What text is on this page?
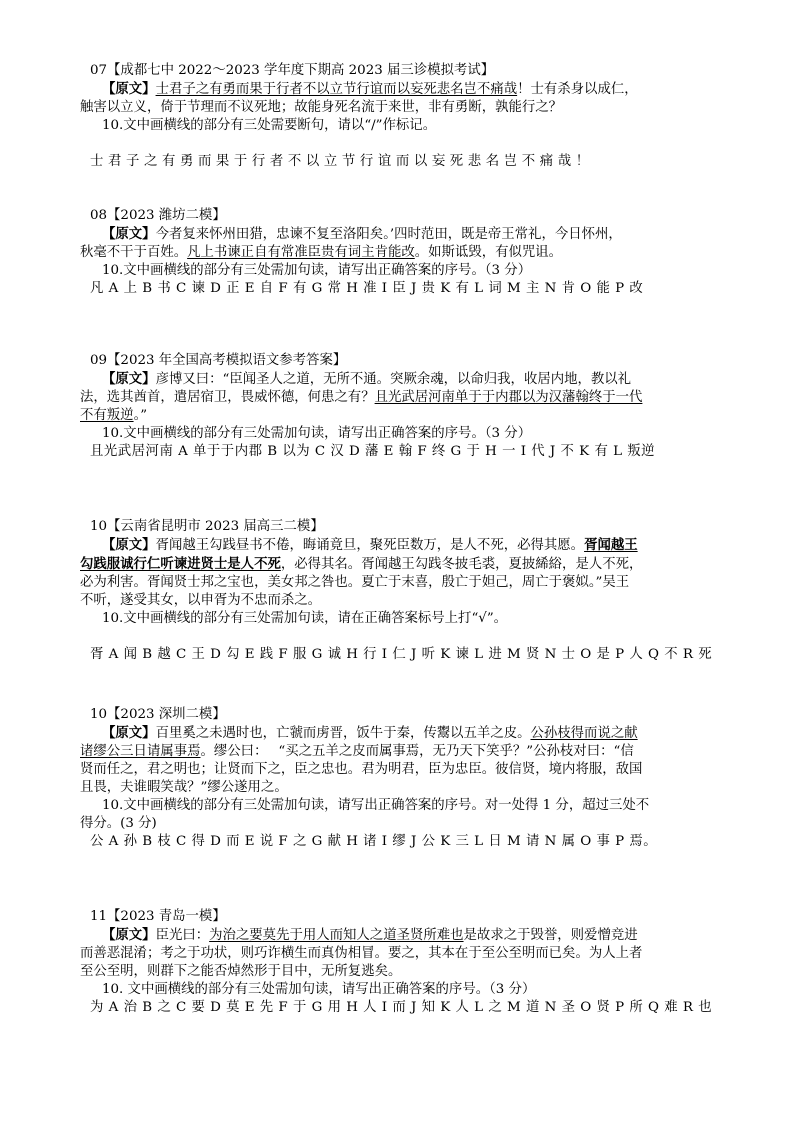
07【成都七中 2022～2023 学年度下期高 2023 届三诊模拟考试】

【原文】士君子之有勇而果于行者不以立节行谊而以妄死悲名岂不痛哉！士有杀身以成仁，

触害以立义，倚于节理而不议死地；故能身死名流于来世，非有勇断，孰能行之？

10.文中画横线的部分有三处需要断句，请以“/”作标记。

士君子之有勇而果于行者不以立节行谊而以妄死悲名岂不痛哉！

08【2023 潍坊二模】

【原文】今者复来怀州田猎，忠谏不复至洛阳矣。’四时范田，既是帝王常礼，今日怀州，

秋毫不干于百姓。凡上书谏正自有常准臣贵有词主肯能改。如斯诋毁，有似咒诅。

10.文中画横线的部分有三处需加句读，请写出正确答案的序号。（3 分）

凡 A 上 B 书 C 谏 D 正 E 自 F 有 G 常 H 准 I 臣 J 贵 K 有 L 词 M 主 N 肯 O 能 P 改

09【2023 年全国高考模拟语文参考答案】

【原文】彦博又曰：“臣闻圣人之道，无所不通。突厥余魂，以命归我，收居内地，教以礼

法，选其酋首，遣居宿卫，畏威怀德，何患之有？且光武居河南单于于内郡以为汉藩翰终于一代

不有叛逆。”

10.文中画横线的部分有三处需加句读，请写出正确答案的序号。（3 分）

且光武居河南 A 单于于内郡 B 以为 C 汉 D 藩 E 翰 F 终 G 于 H 一 I 代 J 不 K 有 L 叛逆

10【云南省昆明市 2023 届高三二模】

【原文】胥闻越王勾践昼书不倦，晦诵竟旦，聚死臣数万，是人不死，必得其愿。胥闻越王

勾践服诚行仁听谏进贤士是人不死，必得其名。胥闻越王勾践冬披毛裘，夏披絺綌，是人不死，

必为利害。胥闻贤士邦之宝也，美女邦之咎也。夏亡于末喜，殷亡于妲己，周亡于褒姒。”吴王

不听，遂受其女，以申胥为不忠而杀之。

10.文中画横线的部分有三处需加句读，请在正确答案标号上打“√”。

胥 A 闻 B 越 C 王 D 勾 E 践 F 服 G 诚 H 行 I 仁 J 听 K 谏 L 进 M 贤 N 士 O 是 P 人 Q 不 R 死

10【2023 深圳二模】

【原文】百里奚之未遇时也，亡虢而虏晋，饭牛于秦，传鬻以五羊之皮。公孙枝得而说之献

诸缪公三日请属事焉。缪公曰：　 “买之五羊之皮而属事焉，无乃天下笑乎？”公孙枝对曰：“信

贤而任之，君之明也；让贤而下之，臣之忠也。君为明君，臣为忠臣。彼信贤，境内将服，敌国

且畏，夫谁暇笑哉？”缪公遂用之。

10.文中画横线的部分有三处需加句读，请写出正确答案的序号。对一处得 1 分，超过三处不

得分。(3 分)

公 A 孙 B 枝 C 得 D 而 E 说 F 之 G 献 H 诸 I 缪 J 公 K 三 L 日 M 请 N 属 O 事 P 焉。

11【2023 青岛一模】

【原文】臣光曰：为治之要莫先于用人而知人之道圣贤所难也是故求之于毁誉，则爱憎竞进

而善恶混淆；考之于功状，则巧诈横生而真伪相冒。要之，其本在于至公至明而已矣。为人上者

至公至明，则群下之能否焯然形于目中，无所复逃矣。

10. 文中画横线的部分有三处需加句读，请写出正确答案的序号。（3 分）

为 A 治 B 之 C 要 D 莫 E 先 F 于 G 用 H 人 I 而 J 知 K 人 L 之 M 道 N 圣 O 贤 P 所 Q 难 R 也
